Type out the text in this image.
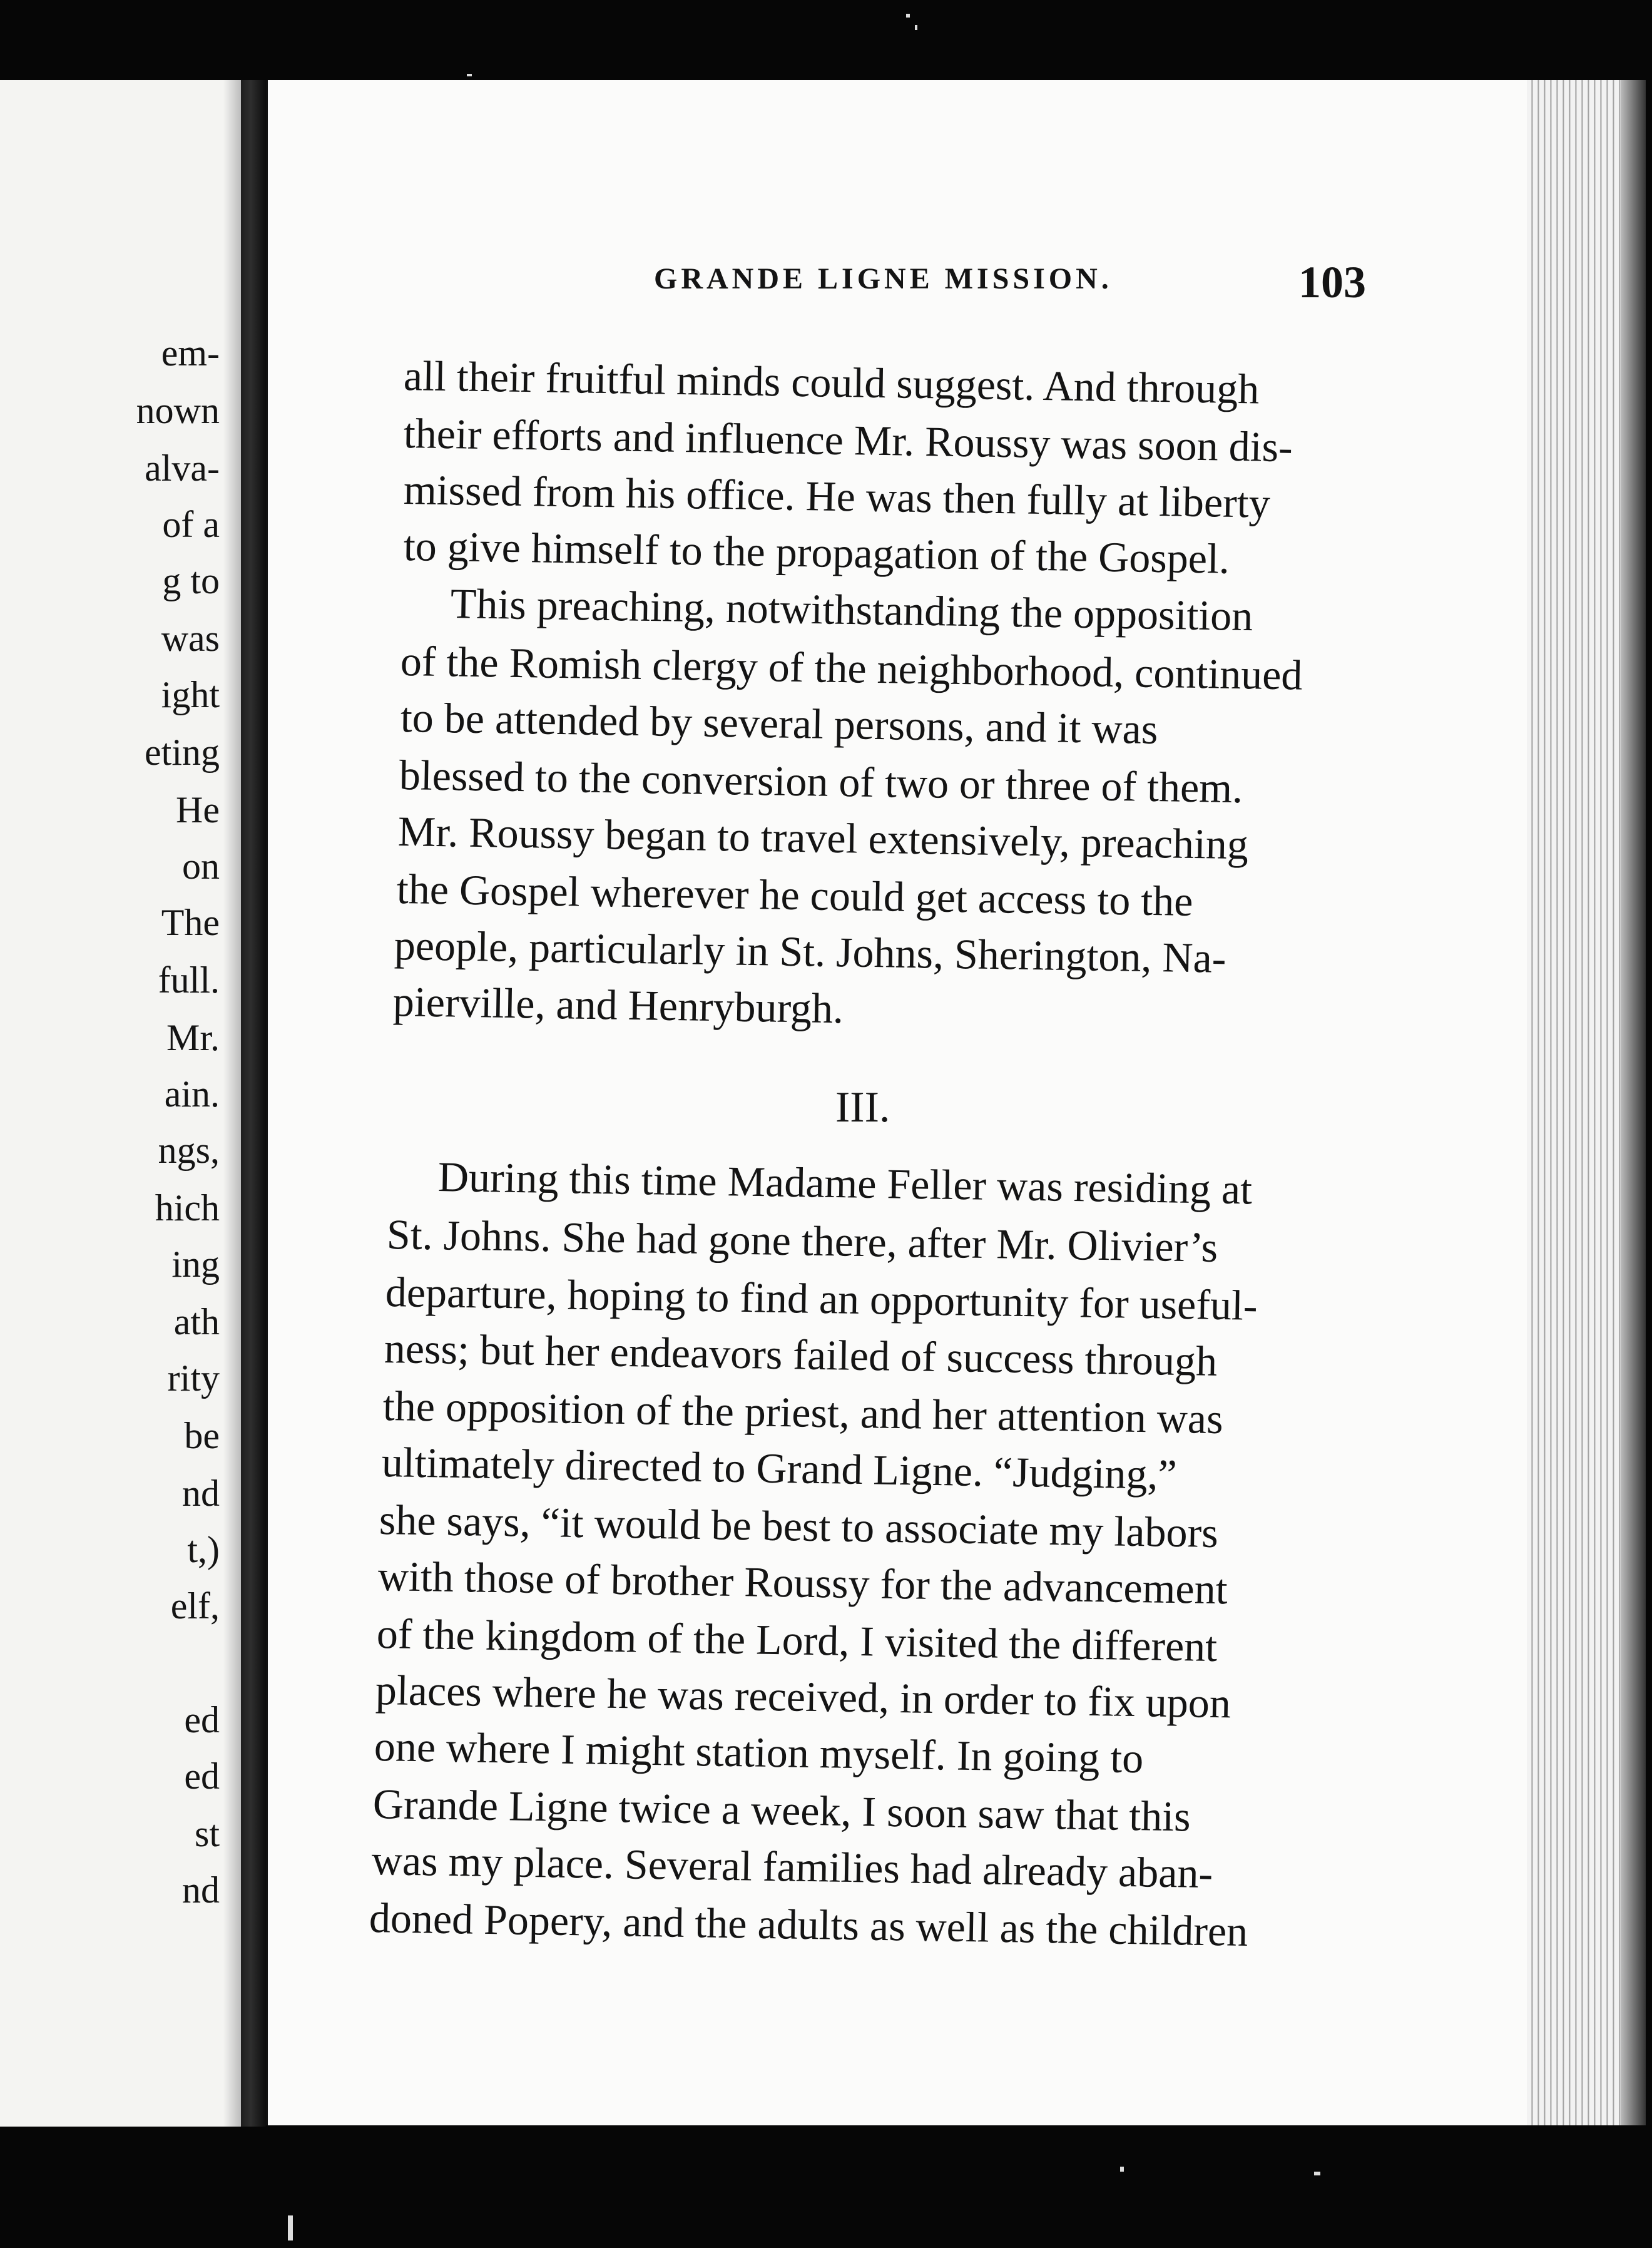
em-
nown
alva-
of a
g to
was
ight
eting
He
on
The
full.
Mr.
ain.
ngs,
hich
ing
ath
rity
be
nd
t,)
elf,
ed
ed
st
nd
GRANDE LIGNE MISSION.	103
all their fruitful minds could suggest. And through
their efforts and influence Mr. Roussy was soon dis-
missed from his office. He was then fully at liberty
to give himself to the propagation of the Gospel.
This preaching, notwithstanding the opposition
of the Romish clergy of the neighborhood, continued
to be attended by several persons, and it was
blessed to the conversion of two or three of them.
Mr. Roussy began to travel extensively, preaching
the Gospel wherever he could get access to the
people, particularly in St. Johns, Sherington, Na-
pierville, and Henryburgh.
III.
During this time Madame Feller was residing at
St. Johns. She had gone there, after Mr. Olivier’s
departure, hoping to find an opportunity for useful-
ness; but her endeavors failed of success through
the opposition of the priest, and her attention was
ultimately directed to Grand Ligne. “Judging,”
she says, “it would be best to associate my labors
with those of brother Roussy for the advancement
of the kingdom of the Lord, I visited the different
places where he was received, in order to fix upon
one where I might station myself. In going to
Grande Ligne twice a week, I soon saw that this
was my place. Several families had already aban-
doned Popery, and the adults as well as the children
